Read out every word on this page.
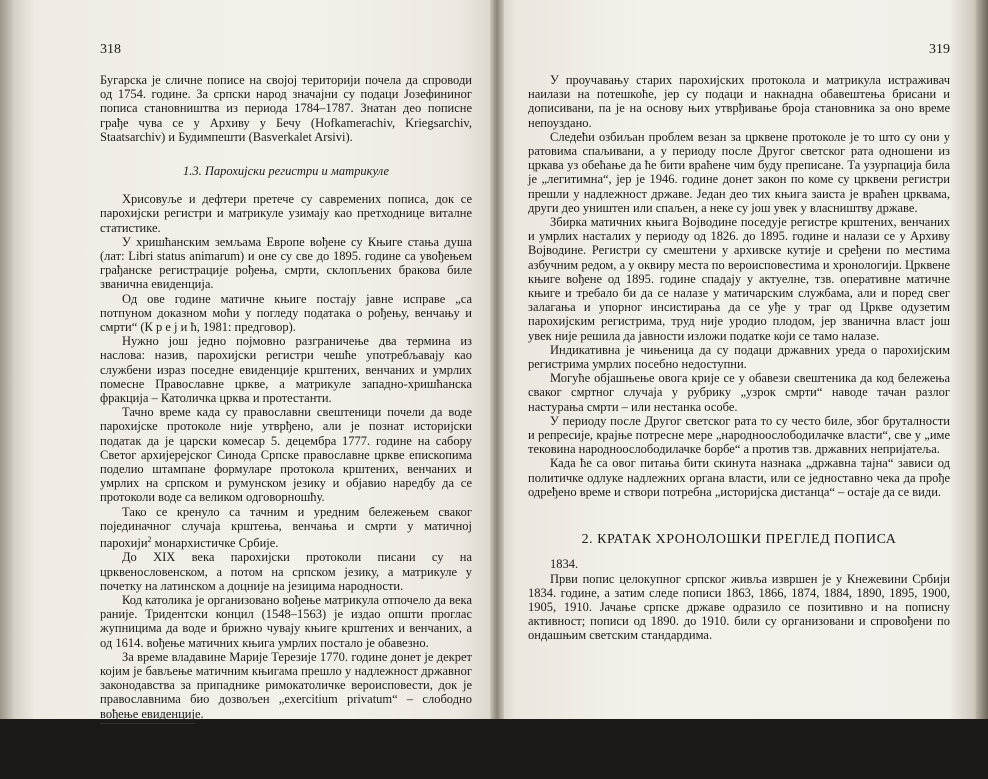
318

Бугарска је сличне пописе на својој територији почела да спроводи од 1754. године. За српски народ значајни су подаци Јозефининог пописа становништва из периода 1784–1787. Знатан део пописне грађе чува се у Архиву у Бечу (Hofkamerachiv, Kriegsarchiv, Staatsarchiv) и Будимпешти (Basverkalet Arsivi).

1.3. Парохијски регистри и матрикуле

Хрисовуље и дефтери претече су савремених пописа, док се парохијски регистри и матрикуле узимају као претходнице виталне статистике.

У хришћанским земљама Европе вођене су Књиге стања душа (лат: Libri status animarum) и оне су све до 1895. године са увођењем грађанске регистрације рођења, смрти, склопљених бракова биле званична евиденција.

Од ове године матичне књиге постају јавне исправе „са потпуном доказном моћи у погледу података о рођењу, венчању и смрти“ (К р е ј и ћ, 1981: предговор).

Нужно још једно појмовно разграничење два термина из наслова: назив, парохијски регистри чешће употребљавају као службени израз поседне евиденције крштених, венчаних и умрлих помесне Православне цркве, а матрикуле западно-хришћанска фракција – Католичка црква и протестанти.

Тачно време када су православни свештеници почели да воде парохијске протоколе није утврђено, али је познат историјски податак да је царски комесар 5. децембра 1777. године на сабору Светог архијерејског Синода Српске православне цркве епископима поделио штампане формуларе протокола крштених, венчаних и умрлих на српском и румунском језику и објавио наредбу да се протоколи воде са великом одговорношћу.

Тако се кренуло са тачним и уредним бележењем сваког појединачног случаја крштења, венчања и смрти у матичној парохији$^2$ монархистичке Србије.

До XIX века парохијски протоколи писани су на црквенословенском, а потом на српском језику, а матрикуле у почетку на латинском а доцније на језицима народности.

Код католика је организовано вођење матрикула отпочело да века раније. Тридентски концил (1548–1563) је издао општи проглас жупницима да воде и брижно чувају књиге крштених и венчаних, а од 1614. вођење матичних књига умрлих постало је обавезно.

За време владавине Марије Терезије 1770. године донет је декрет којим је бављење матичним књигама прешло у надлежност државног законодавства за припаднике римокатоличке вероисповести, док је православнима био дозвољен „exercitium privatum“ – слободно вођење евиденције.

$^2$ Парохија је административна јединица у институционалној организацији цркве (Протојереј Б р и ј а, 1999), хришћанска општина, област која се налази под управом једног свештеника, пароха, а има бар једну своју цркву – парохијска црква (В у ј а к л и ј а 1992: 651).

319

У проучавању старих парохијских протокола и матрикула истраживач наилази на потешкоће, јер су подаци и накнадна обавештења брисани и дописивани, па је на основу њих утврђивање броја становника за оно време непоуздано.

Следећи озбиљан проблем везан за црквене протоколе је то што су они у ратовима спаљивани, а у периоду после Другог светског рата одношени из цркава уз обећање да ће бити враћене чим буду преписане. Та узурпација била је „легитимна“, јер је 1946. године донет закон по коме су црквени регистри прешли у надлежност државе. Један део тих књига заиста је враћен црквама, други део уништен или спаљен, а неке су још увек у власништву државе.

Збирка матичних књига Војводине поседује регистре крштених, венчаних и умрлих насталих у периоду од 1826. до 1895. године и налази се у Архиву Војводине. Регистри су смештени у архивске кутије и сређени по местима азбучним редом, а у оквиру места по вероисповестима и хронологији. Црквене књиге вођене од 1895. године спадају у актуелне, тзв. оперативне матичне књиге и требало би да се налазе у матичарским службама, али и поред свег залагања и упорног инсистирања да се уђе у траг од Цркве одузетим парохијским регистрима, труд није уродио плодом, јер званична власт још увек није решила да јавности изложи податке који се тамо налазе.

Индикативна је чињеница да су подаци државних уреда о парохијским регистрима умрлих посебно недоступни.

Могуће објашњење овога крије се у обавези свештеника да код бележења сваког смртног случаја у рубрику „узрок смрти“ наводе тачан разлог настурања смрти – или нестанка особе.

У периоду после Другог светског рата то су често биле, због бруталности и репресије, крајње потресне мере „народноослободилачке власти“, све у „име тековина народноослободилачке борбе“ а против тзв. државних непријатеља.

Када ће са овог питања бити скинута назнака „државна тајна“ зависи од политичке одлуке надлежних органа власти, или се једноставно чека да прође одређено време и створи потребна „историјска дистанца“ – остаје да се види.

2. КРАТАК ХРОНОЛОШКИ ПРЕГЛЕД ПОПИСА

1834.

Први попис целокупног српског живља извршен је у Кнежевини Србији 1834. године, а затим следе пописи 1863, 1866, 1874, 1884, 1890, 1895, 1900, 1905, 1910. Јачање српске државе одразило се позитивно и на пописну активност; пописи од 1890. до 1910. били су организовани и спровођени по ондашњим светским стандардима.
